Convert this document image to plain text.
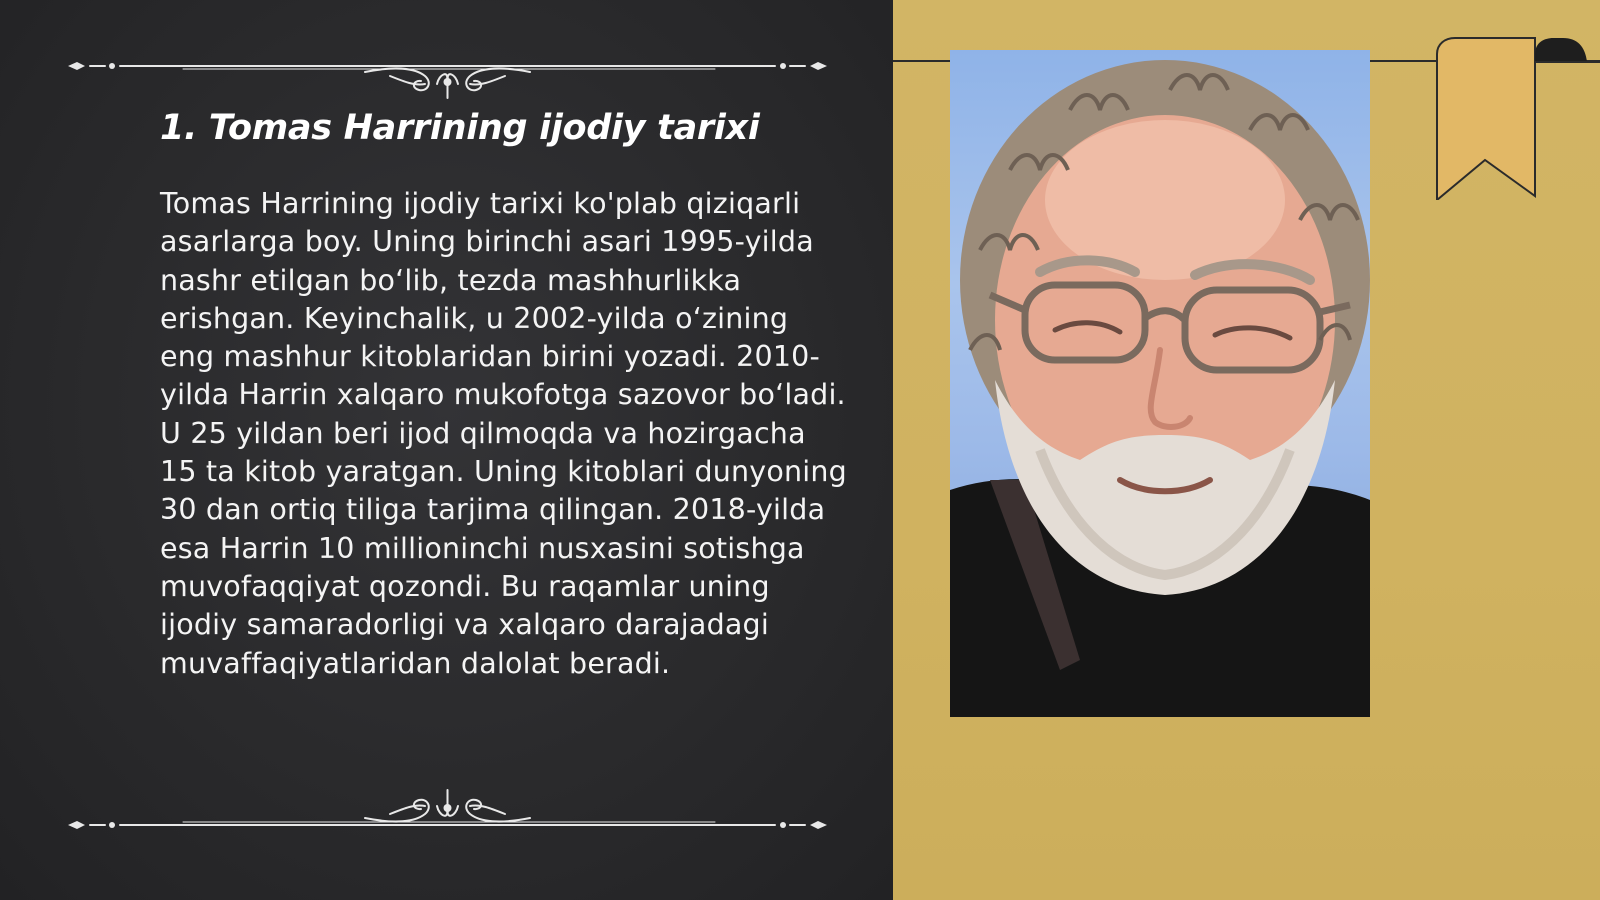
1. Tomas Harrining ijodiy tarixi

Tomas Harrining ijodiy tarixi ko'plab qiziqarli asarlarga boy. Uning birinchi asari 1995-yilda nashr etilgan bo‘lib, tezda mashhurlikka erishgan. Keyinchalik, u 2002-yilda o‘zining eng mashhur kitoblaridan birini yozadi. 2010-yilda Harrin xalqaro mukofotga sazovor bo‘ladi. U 25 yildan beri ijod qilmoqda va hozirgacha 15 ta kitob yaratgan. Uning kitoblari dunyoning 30 dan ortiq tiliga tarjima qilingan. 2018-yilda esa Harrin 10 millioninchi nusxasini sotishga muvofaqqiyat qozondi. Bu raqamlar uning ijodiy samaradorligi va xalqaro darajadagi muvaffaqiyatlaridan dalolat beradi.
